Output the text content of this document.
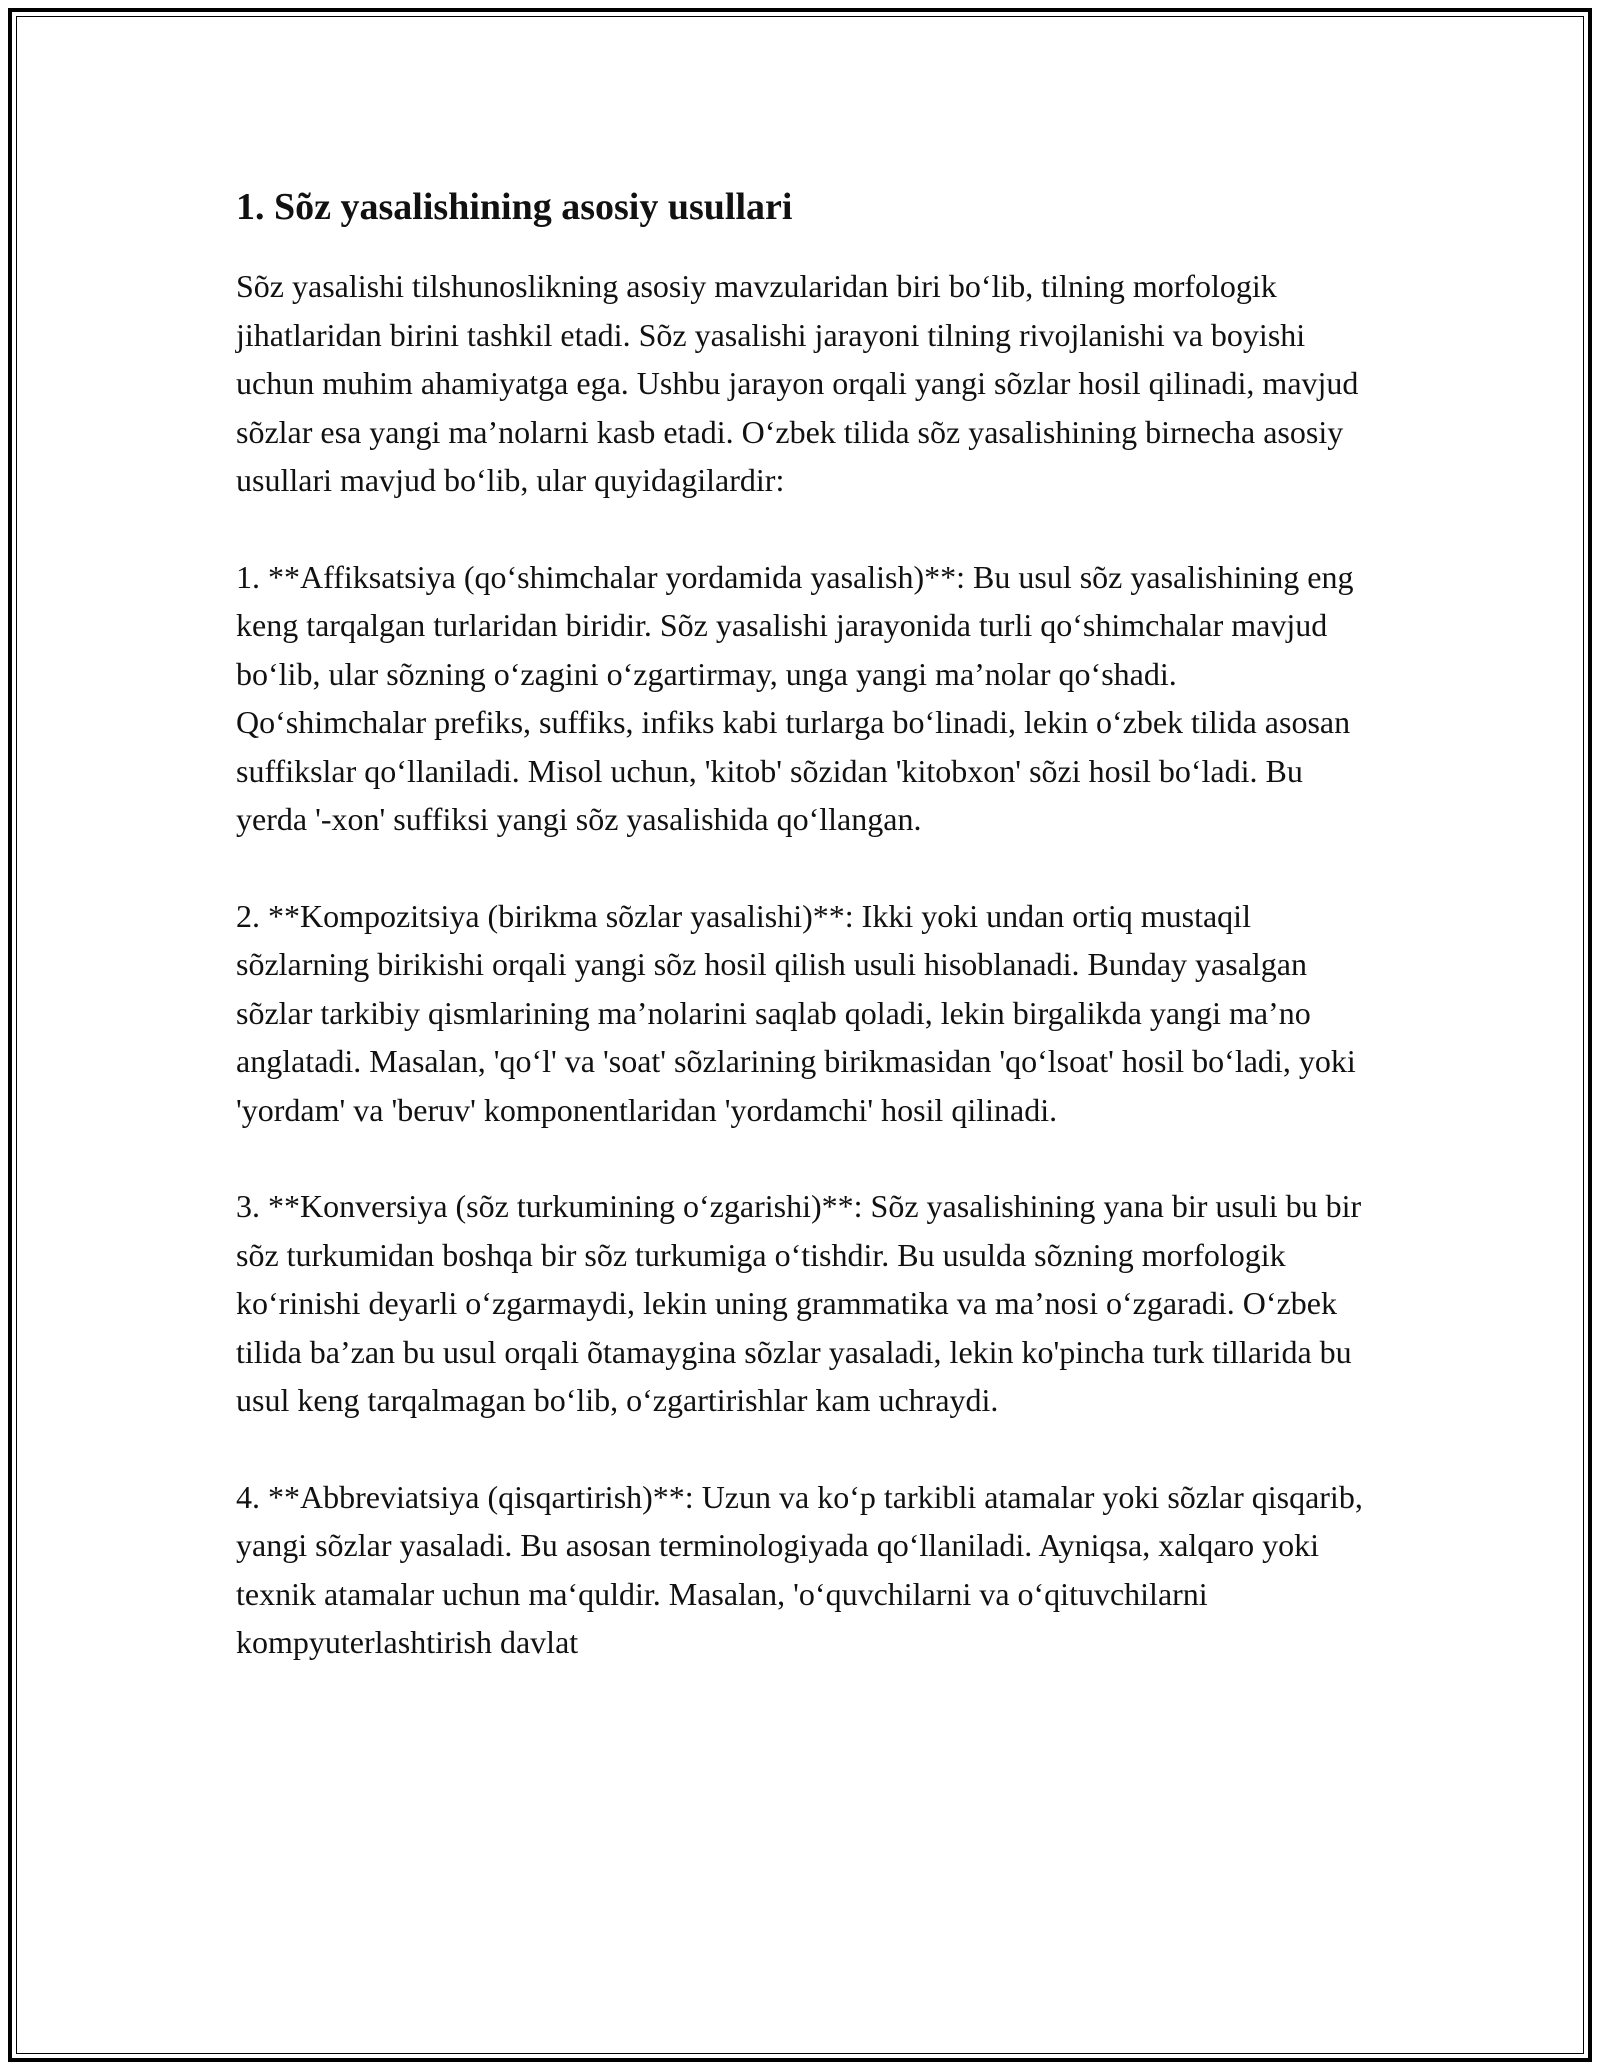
1. Sõz yasalishining asosiy usullari

Sõz yasalishi tilshunoslikning asosiy mavzularidan biri bo‘lib, tilning morfologik jihatlaridan birini tashkil etadi. Sõz yasalishi jarayoni tilning rivojlanishi va boyishi uchun muhim ahamiyatga ega. Ushbu jarayon orqali yangi sõzlar hosil qilinadi, mavjud sõzlar esa yangi ma’nolarni kasb etadi. O‘zbek tilida sõz yasalishining birnecha asosiy usullari mavjud bo‘lib, ular quyidagilardir:

1. **Affiksatsiya (qo‘shimchalar yordamida yasalish)**: Bu usul sõz yasalishining eng keng tarqalgan turlaridan biridir. Sõz yasalishi jarayonida turli qo‘shimchalar mavjud bo‘lib, ular sõzning o‘zagini o‘zgartirmay, unga yangi ma’nolar qo‘shadi. Qo‘shimchalar prefiks, suffiks, infiks kabi turlarga bo‘linadi, lekin o‘zbek tilida asosan suffikslar qo‘llaniladi. Misol uchun, 'kitob' sõzidan 'kitobxon' sõzi hosil bo‘ladi. Bu yerda '-xon' suffiksi yangi sõz yasalishida qo‘llangan.

2. **Kompozitsiya (birikma sõzlar yasalishi)**: Ikki yoki undan ortiq mustaqil sõzlarning birikishi orqali yangi sõz hosil qilish usuli hisoblanadi. Bunday yasalgan sõzlar tarkibiy qismlarining ma’nolarini saqlab qoladi, lekin birgalikda yangi ma’no anglatadi. Masalan, 'qo‘l' va 'soat' sõzlarining birikmasidan 'qo‘lsoat' hosil bo‘ladi, yoki 'yordam' va 'beruv' komponentlaridan 'yordamchi' hosil qilinadi.

3. **Konversiya (sõz turkumining o‘zgarishi)**: Sõz yasalishining yana bir usuli bu bir sõz turkumidan boshqa bir sõz turkumiga o‘tishdir. Bu usulda sõzning morfologik ko‘rinishi deyarli o‘zgarmaydi, lekin uning grammatika va ma’nosi o‘zgaradi. O‘zbek tilida ba’zan bu usul orqali õtamaygina sõzlar yasaladi, lekin ko'pincha turk tillarida bu usul keng tarqalmagan bo‘lib, o‘zgartirishlar kam uchraydi.

4. **Abbreviatsiya (qisqartirish)**: Uzun va ko‘p tarkibli atamalar yoki sõzlar qisqarib, yangi sõzlar yasaladi. Bu asosan terminologiyada qo‘llaniladi. Ayniqsa, xalqaro yoki texnik atamalar uchun ma‘quldir. Masalan, 'o‘quvchilarni va o‘qituvchilarni kompyuterlashtirish davlat
